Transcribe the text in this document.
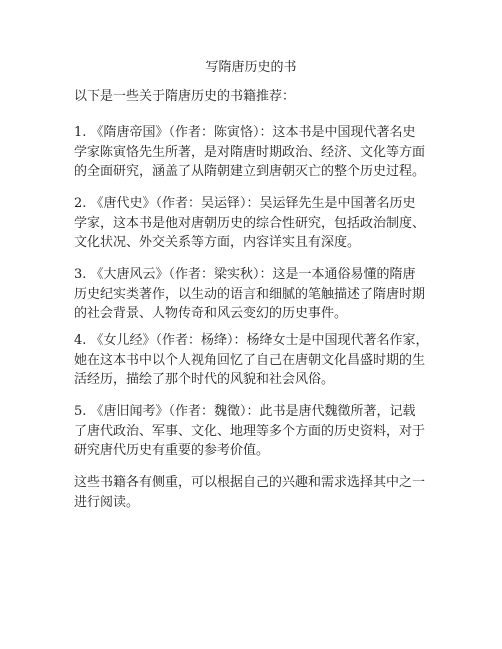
写隋唐历史的书

以下是一些关于隋唐历史的书籍推荐：

1. 《隋唐帝国》（作者：陈寅恪）：这本书是中国现代著名史
学家陈寅恪先生所著，是对隋唐时期政治、经济、文化等方面
的全面研究，涵盖了从隋朝建立到唐朝灭亡的整个历史过程。

2. 《唐代史》（作者：吴运铎）：吴运铎先生是中国著名历史
学家，这本书是他对唐朝历史的综合性研究，包括政治制度、
文化状况、外交关系等方面，内容详实且有深度。

3. 《大唐风云》（作者：梁实秋）：这是一本通俗易懂的隋唐
历史纪实类著作，以生动的语言和细腻的笔触描述了隋唐时期
的社会背景、人物传奇和风云变幻的历史事件。

4. 《女儿经》（作者：杨绛）：杨绛女士是中国现代著名作家，
她在这本书中以个人视角回忆了自己在唐朝文化昌盛时期的生
活经历，描绘了那个时代的风貌和社会风俗。

5. 《唐旧闻考》（作者：魏徵）：此书是唐代魏徵所著，记载
了唐代政治、军事、文化、地理等多个方面的历史资料，对于
研究唐代历史有重要的参考价值。

这些书籍各有侧重，可以根据自己的兴趣和需求选择其中之一
进行阅读。
